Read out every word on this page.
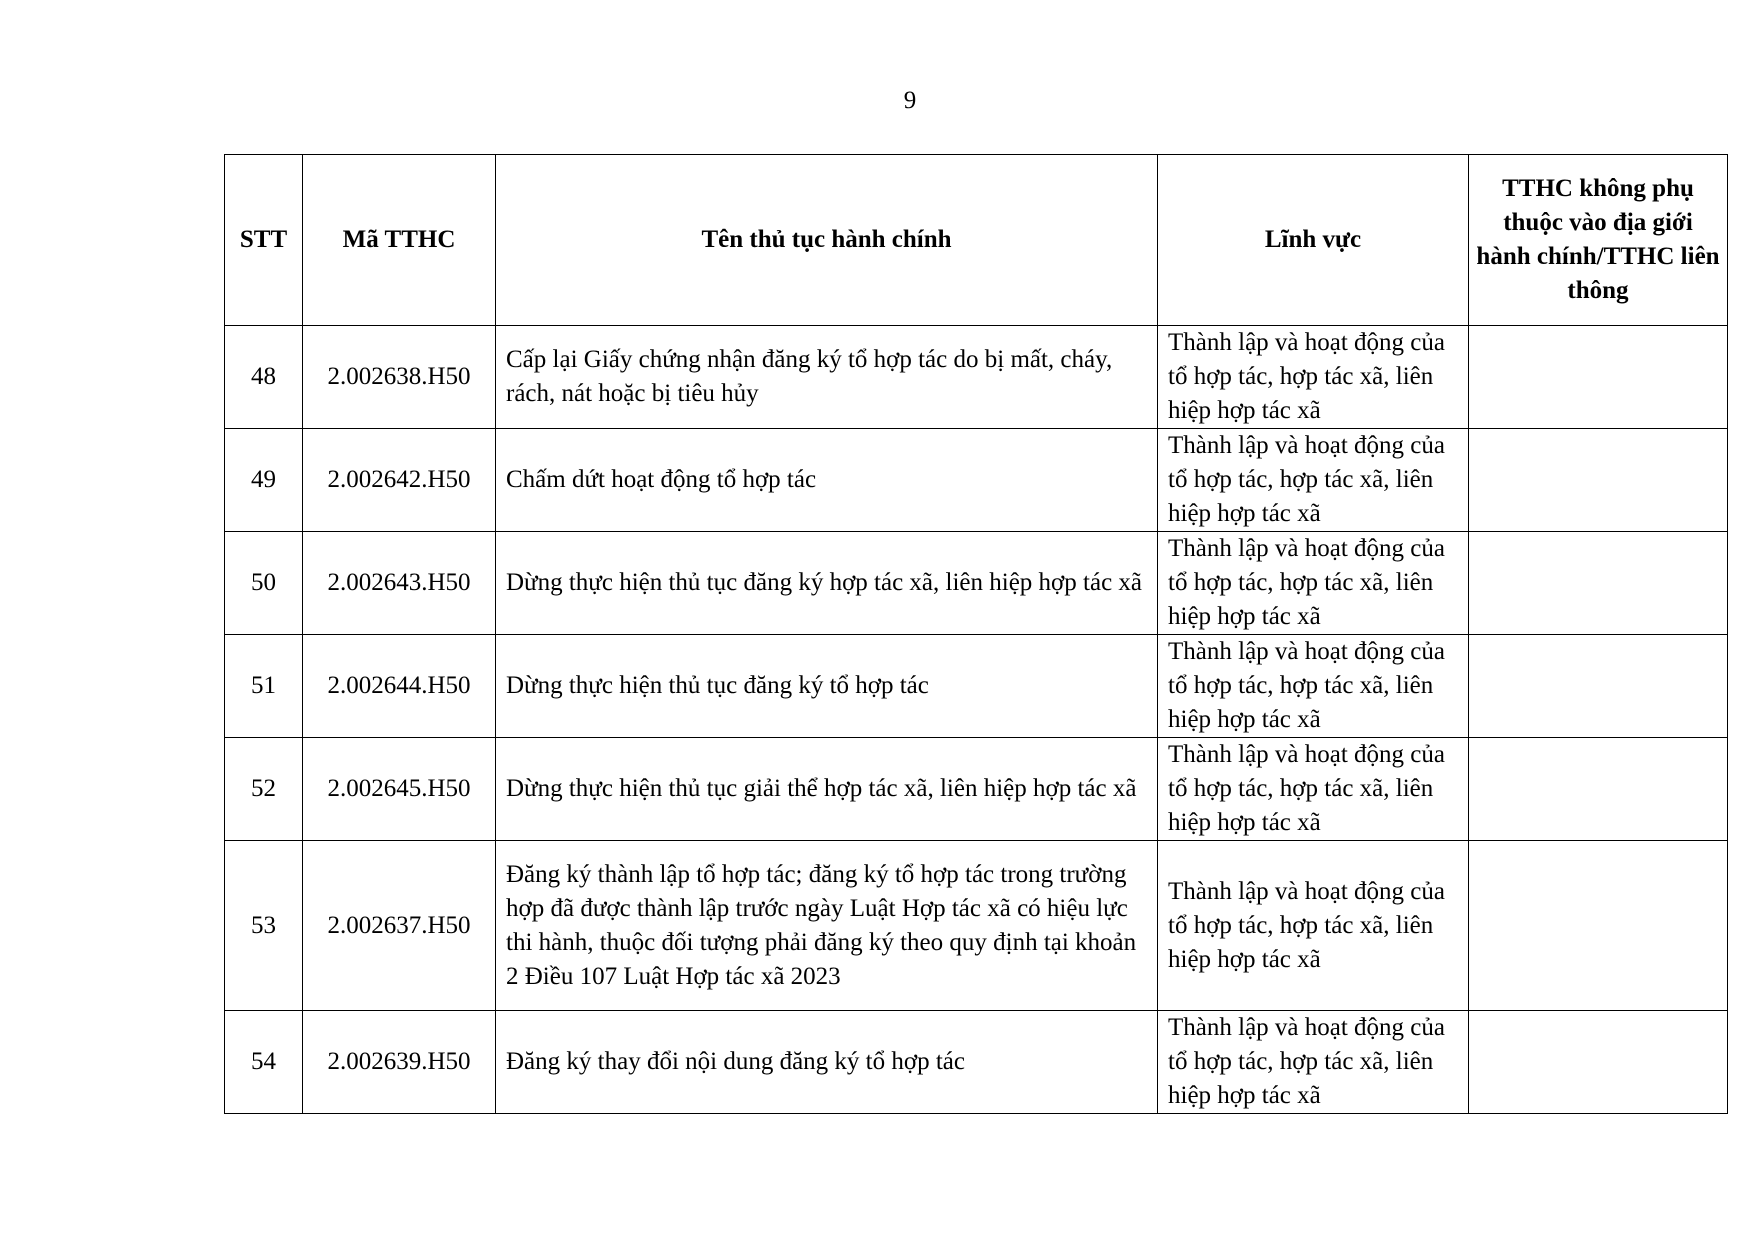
9
STT	Mã TTHC	Tên thủ tục hành chính	Lĩnh vực	TTHC không phụ thuộc vào địa giới hành chính/TTHC liên thông
48	2.002638.H50	Cấp lại Giấy chứng nhận đăng ký tổ hợp tác do bị mất, cháy, rách, nát hoặc bị tiêu hủy	Thành lập và hoạt động của tổ hợp tác, hợp tác xã, liên hiệp hợp tác xã	
49	2.002642.H50	Chấm dứt hoạt động tổ hợp tác	Thành lập và hoạt động của tổ hợp tác, hợp tác xã, liên hiệp hợp tác xã	
50	2.002643.H50	Dừng thực hiện thủ tục đăng ký hợp tác xã, liên hiệp hợp tác xã	Thành lập và hoạt động của tổ hợp tác, hợp tác xã, liên hiệp hợp tác xã	
51	2.002644.H50	Dừng thực hiện thủ tục đăng ký tổ hợp tác	Thành lập và hoạt động của tổ hợp tác, hợp tác xã, liên hiệp hợp tác xã	
52	2.002645.H50	Dừng thực hiện thủ tục giải thể hợp tác xã, liên hiệp hợp tác xã	Thành lập và hoạt động của tổ hợp tác, hợp tác xã, liên hiệp hợp tác xã	
53	2.002637.H50	Đăng ký thành lập tổ hợp tác; đăng ký tổ hợp tác trong trường hợp đã được thành lập trước ngày Luật Hợp tác xã có hiệu lực thi hành, thuộc đối tượng phải đăng ký theo quy định tại khoản 2 Điều 107 Luật Hợp tác xã 2023	Thành lập và hoạt động của tổ hợp tác, hợp tác xã, liên hiệp hợp tác xã	
54	2.002639.H50	Đăng ký thay đổi nội dung đăng ký tổ hợp tác	Thành lập và hoạt động của tổ hợp tác, hợp tác xã, liên hiệp hợp tác xã	
